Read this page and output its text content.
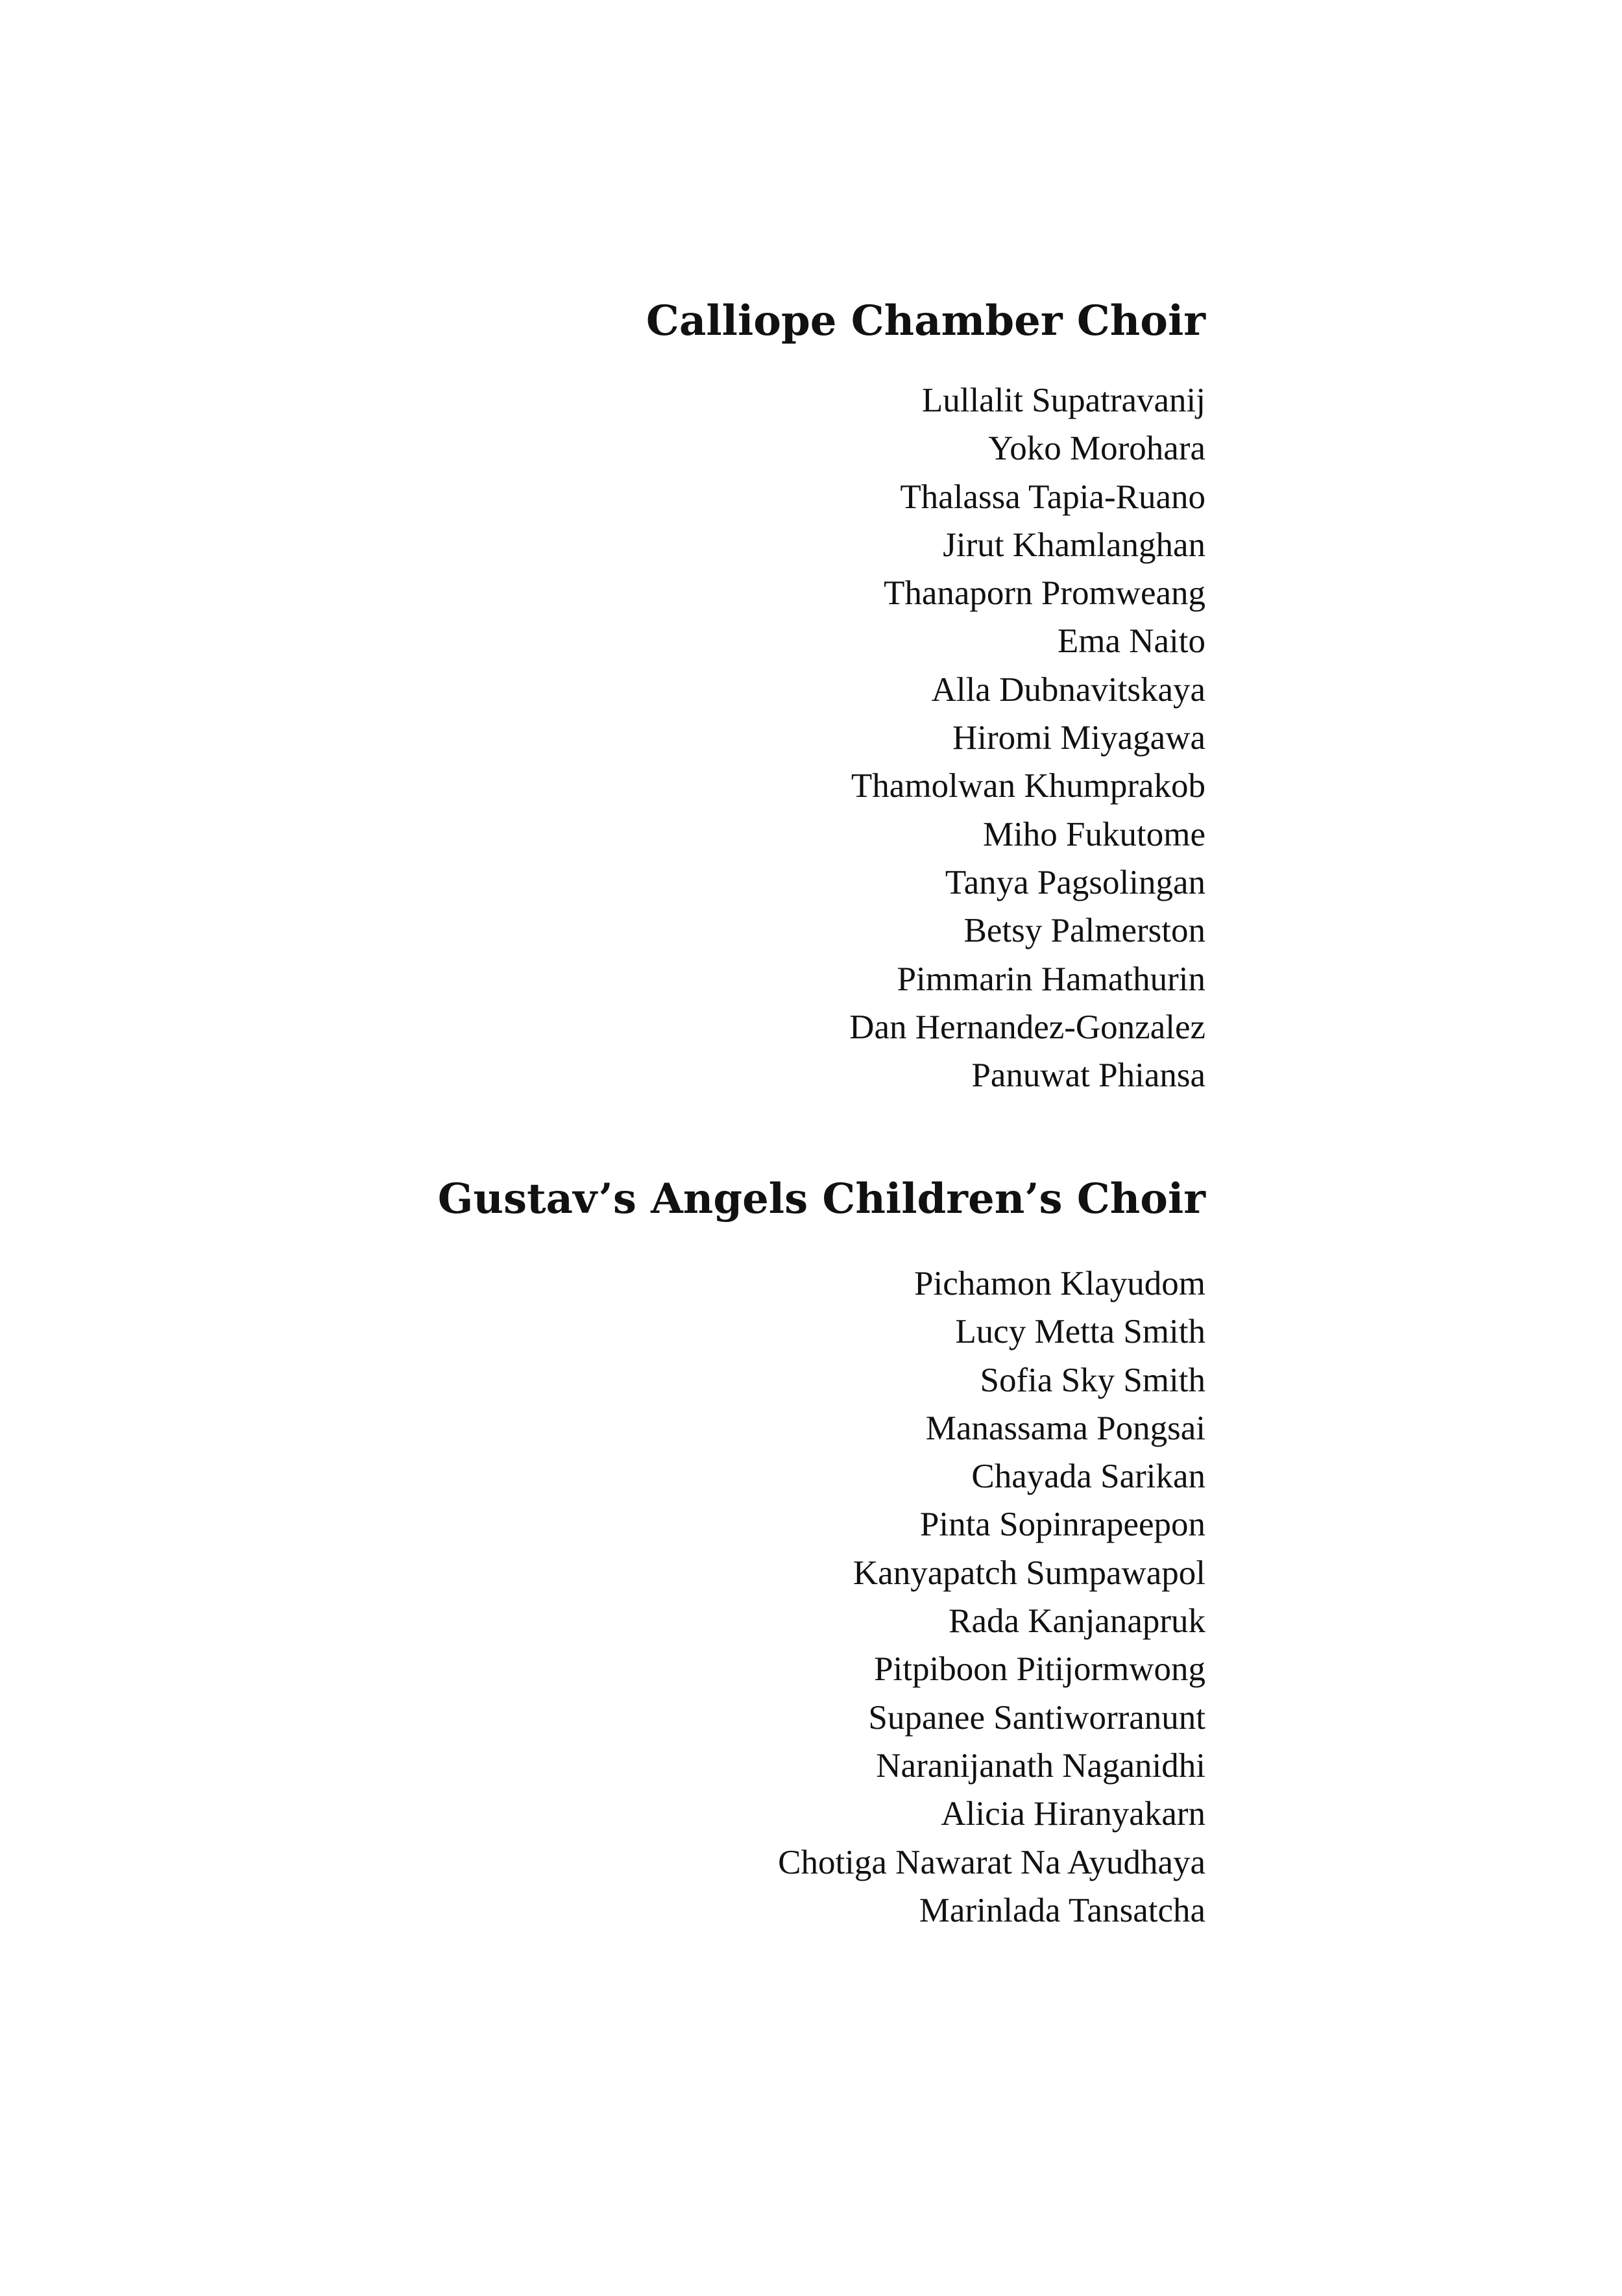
Calliope Chamber Choir
Lullalit Supatravanij
Yoko Morohara
Thalassa Tapia-Ruano
Jirut Khamlanghan
Thanaporn Promweang
Ema Naito
Alla Dubnavitskaya
Hiromi Miyagawa
Thamolwan Khumprakob
Miho Fukutome
Tanya Pagsolingan
Betsy Palmerston
Pimmarin Hamathurin
Dan Hernandez-Gonzalez
Panuwat Phiansa
Gustav’s Angels Children’s Choir
Pichamon Klayudom
Lucy Metta Smith
Sofia Sky Smith
Manassama Pongsai
Chayada Sarikan
Pinta Sopinrapeepon
Kanyapatch Sumpawapol
Rada Kanjanapruk
Pitpiboon Pitijormwong
Supanee Santiworranunt
Naranijanath Naganidhi
Alicia Hiranyakarn
Chotiga Nawarat Na Ayudhaya
Marinlada Tansatcha
